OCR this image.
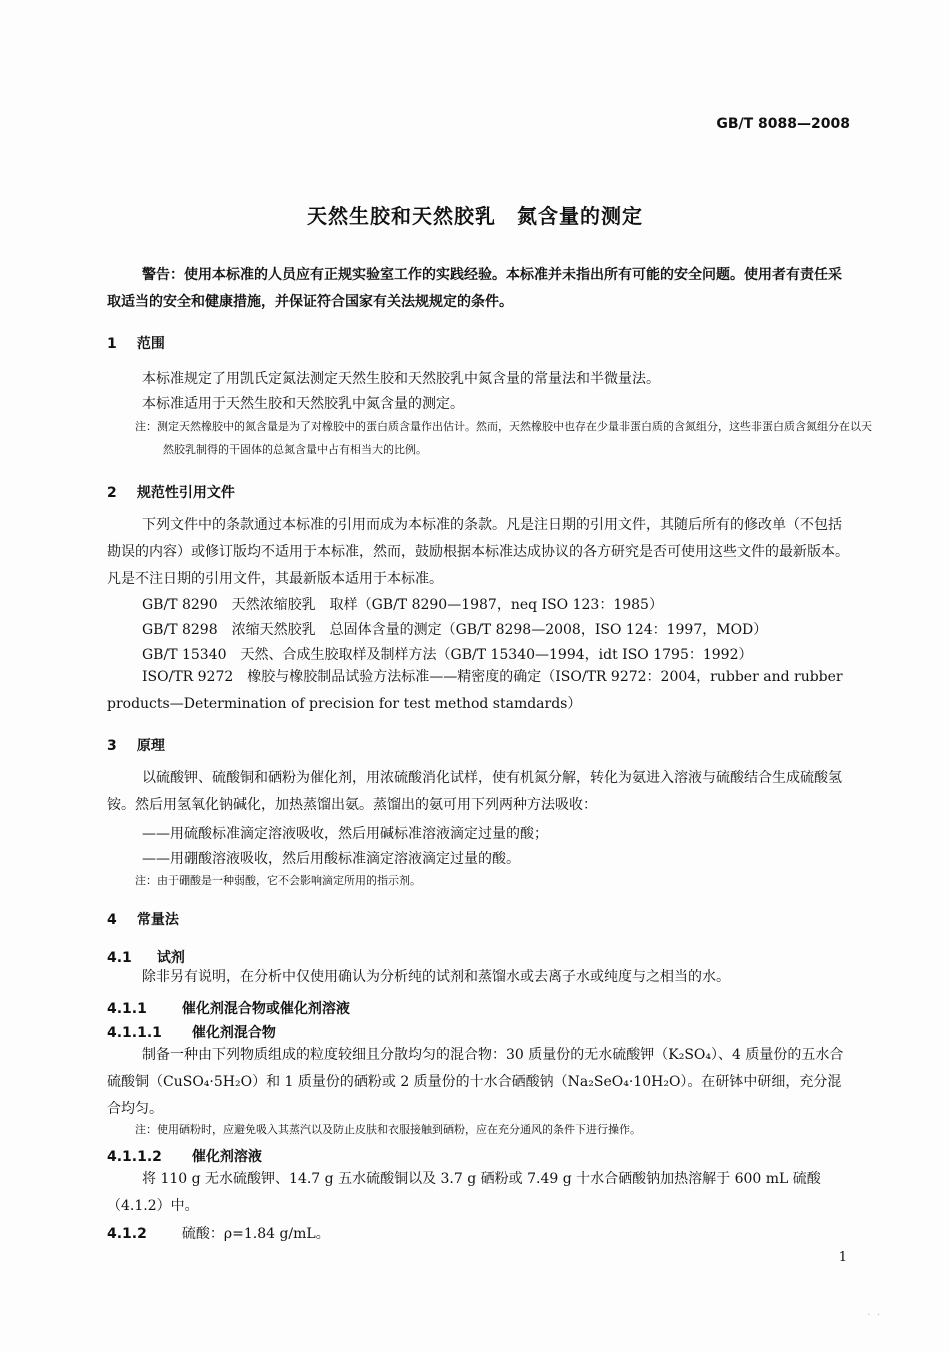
GB/T 8088—2008
天然生胶和天然胶乳　氮含量的测定
警告：使用本标准的人员应有正规实验室工作的实践经验。本标准并未指出所有可能的安全问题。使用者有责任采取适当的安全和健康措施，并保证符合国家有关法规规定的条件。
1 范围
本标准规定了用凯氏定氮法测定天然生胶和天然胶乳中氮含量的常量法和半微量法。
本标准适用于天然生胶和天然胶乳中氮含量的测定。
注：测定天然橡胶中的氮含量是为了对橡胶中的蛋白质含量作出估计。然而，天然橡胶中也存在少量非蛋白质的含氮组分，这些非蛋白质含氮组分在以天然胶乳制得的干固体的总氮含量中占有相当大的比例。
2 规范性引用文件
下列文件中的条款通过本标准的引用而成为本标准的条款。凡是注日期的引用文件，其随后所有的修改单（不包括勘误的内容）或修订版均不适用于本标准，然而，鼓励根据本标准达成协议的各方研究是否可使用这些文件的最新版本。凡是不注日期的引用文件，其最新版本适用于本标准。
GB/T 8290　天然浓缩胶乳　取样（GB/T 8290—1987，neq ISO 123：1985）
GB/T 8298　浓缩天然胶乳　总固体含量的测定（GB/T 8298—2008，ISO 124：1997，MOD）
GB/T 15340　天然、合成生胶取样及制样方法（GB/T 15340—1994，idt ISO 1795：1992）
ISO/TR 9272　橡胶与橡胶制品试验方法标准——精密度的确定（ISO/TR 9272：2004，rubber and rubber products—Determination of precision for test method stamdards）
3 原理
以硫酸钾、硫酸铜和硒粉为催化剂，用浓硫酸消化试样，使有机氮分解，转化为氨进入溶液与硫酸结合生成硫酸氢铵。然后用氢氧化钠碱化，加热蒸馏出氨。蒸馏出的氨可用下列两种方法吸收：
——用硫酸标准滴定溶液吸收，然后用碱标准溶液滴定过量的酸；
——用硼酸溶液吸收，然后用酸标准滴定溶液滴定过量的酸。
注：由于硼酸是一种弱酸，它不会影响滴定所用的指示剂。
4 常量法
4.1 试剂
除非另有说明，在分析中仅使用确认为分析纯的试剂和蒸馏水或去离子水或纯度与之相当的水。
4.1.1	催化剂混合物或催化剂溶液
4.1.1.1 催化剂混合物
制备一种由下列物质组成的粒度较细且分散均匀的混合物：30 质量份的无水硫酸钾（K₂SO₄）、4 质量份的五水合硫酸铜（CuSO₄·5H₂O）和 1 质量份的硒粉或 2 质量份的十水合硒酸钠（Na₂SeO₄·10H₂O）。在研钵中研细，充分混合均匀。
注：使用硒粉时，应避免吸入其蒸汽以及防止皮肤和衣服接触到硒粉，应在充分通风的条件下进行操作。
4.1.1.2 催化剂溶液
将 110 g 无水硫酸钾、14.7 g 五水硫酸铜以及 3.7 g 硒粉或 7.49 g 十水合硒酸钠加热溶解于 600 mL 硫酸（4.1.2）中。
4.1.2	硫酸：ρ=1.84 g/mL。
1
·  ·
